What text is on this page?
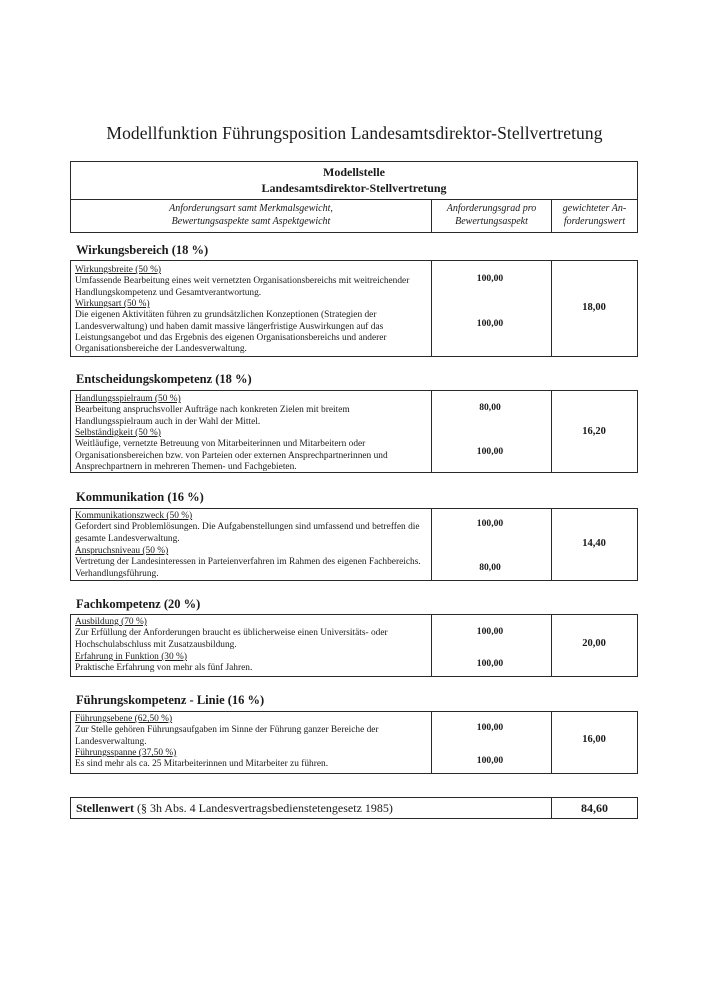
Modellfunktion Führungsposition Landesamtsdirektor-Stellvertretung
Modellstelle
Landesamtsdirektor-Stellvertretung
Anforderungsart samt Merkmalsgewicht,
Bewertungsaspekte samt Aspektgewicht
Anforderungsgrad pro
Bewertungsaspekt
gewichteter An-
forderungswert
Wirkungsbereich (18 %)
Wirkungsbreite (50 %)
Umfassende Bearbeitung eines weit vernetzten Organisationsbereichs mit weitreichender Handlungskompetenz und Gesamtverantwortung.
Wirkungsart (50 %)
Die eigenen Aktivitäten führen zu grundsätzlichen Konzeptionen (Strategien der Landesverwaltung) und haben damit massive längerfristige Auswirkungen auf das Leistungsangebot und das Ergebnis des eigenen Organisationsbereichs und anderer Organisationsbereiche der Landesverwaltung.
100,00
100,00
18,00
Entscheidungskompetenz (18 %)
Handlungsspielraum (50 %)
Bearbeitung anspruchsvoller Aufträge nach konkreten Zielen mit breitem Handlungsspielraum auch in der Wahl der Mittel.
Selbständigkeit (50 %)
Weitläufige, vernetzte Betreuung von Mitarbeiterinnen und Mitarbeitern oder Organisationsbereichen bzw. von Parteien oder externen Ansprechpartnerinnen und Ansprechpartnern in mehreren Themen- und Fachgebieten.
80,00
100,00
16,20
Kommunikation (16 %)
Kommunikationszweck (50 %)
Gefordert sind Problemlösungen. Die Aufgabenstellungen sind umfassend und betreffen die gesamte Landesverwaltung.
Anspruchsniveau (50 %)
Vertretung der Landesinteressen in Parteienverfahren im Rahmen des eigenen Fachbereichs. Verhandlungsführung.
100,00
80,00
14,40
Fachkompetenz (20 %)
Ausbildung (70 %)
Zur Erfüllung der Anforderungen braucht es üblicherweise einen Universitäts- oder Hochschulabschluss mit Zusatzausbildung.
Erfahrung in Funktion (30 %)
Praktische Erfahrung von mehr als fünf Jahren.
100,00
100,00
20,00
Führungskompetenz - Linie (16 %)
Führungsebene (62,50 %)
Zur Stelle gehören Führungsaufgaben im Sinne der Führung ganzer Bereiche der Landesverwaltung.
Führungsspanne (37,50 %)
Es sind mehr als ca. 25 Mitarbeiterinnen und Mitarbeiter zu führen.
100,00
100,00
16,00
Stellenwert (§ 3h Abs. 4 Landesvertragsbedienstetengesetz 1985)	84,60
